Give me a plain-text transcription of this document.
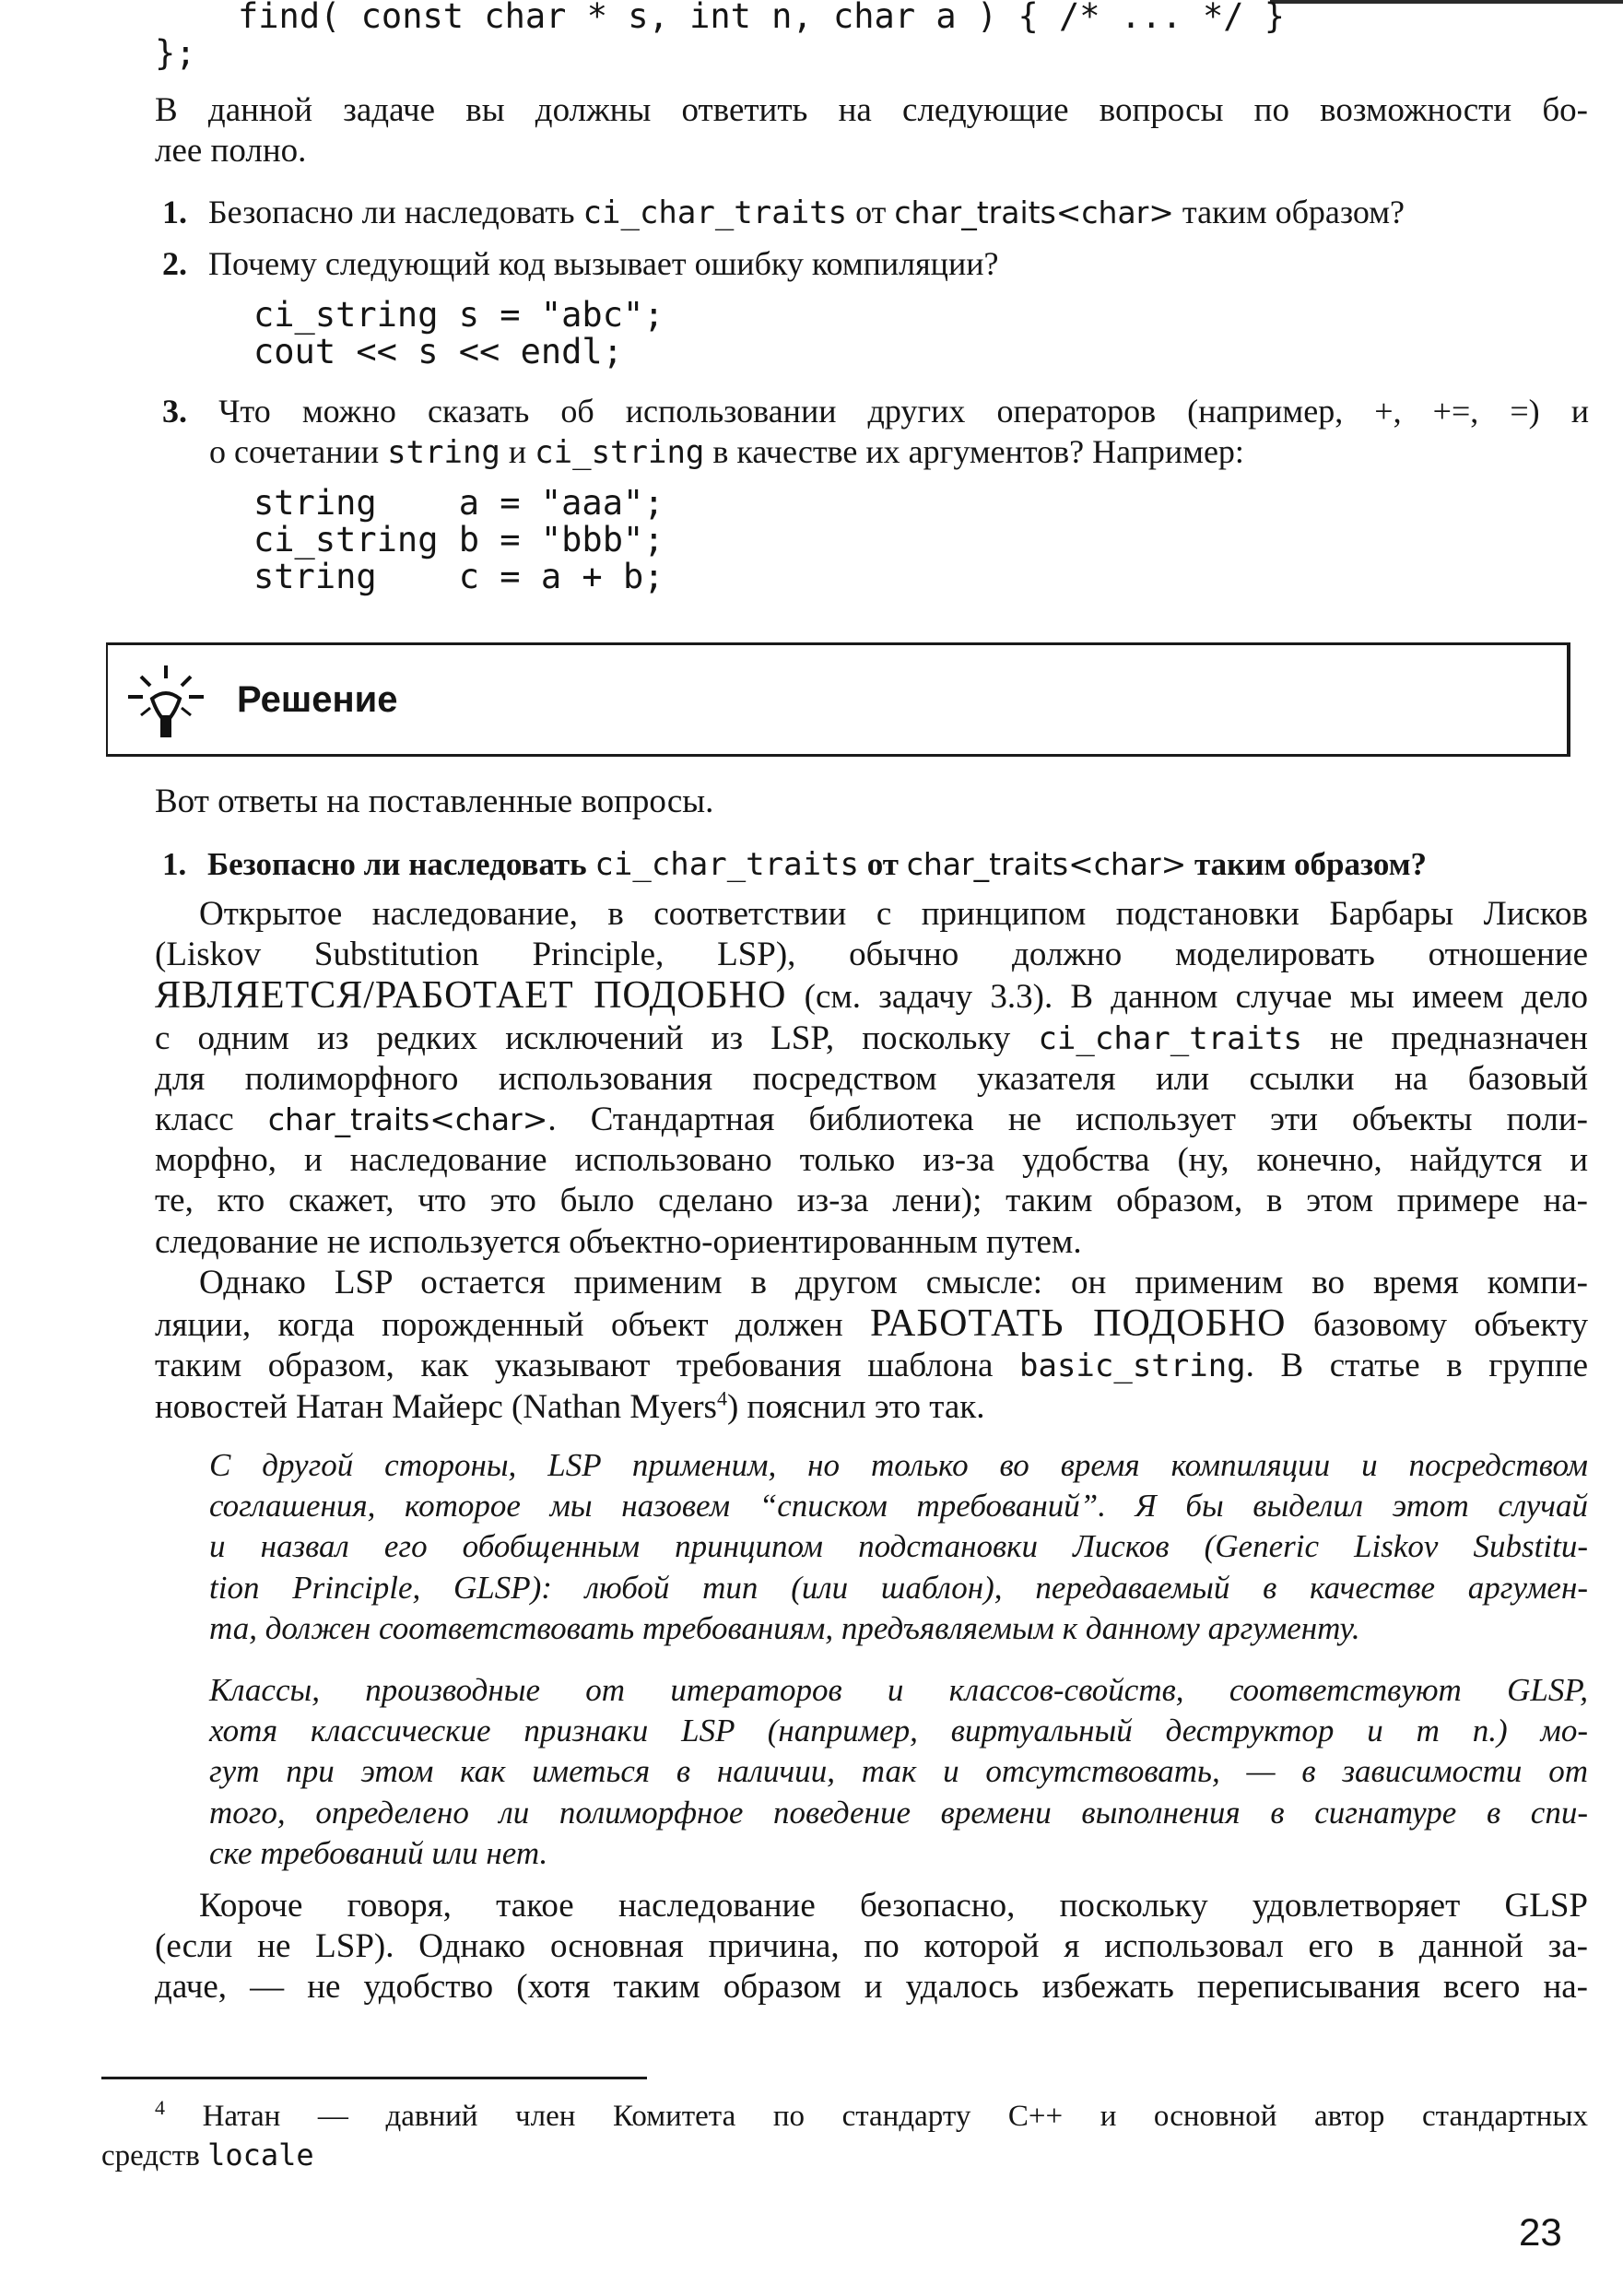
find( const char * s, int n, char a ) { /* ... */ }
};
В данной задаче вы должны ответить на следующие вопросы по возможности бо-
лее полно.
1. Безопасно ли наследовать ci_char_traits от char_traits<char> таким образом?
2. Почему следующий код вызывает ошибку компиляции?
ci_string s = "abc";
cout << s << endl;
3. Что можно сказать об использовании других операторов (например, +, +=, =) и
о сочетании string и ci_string в качестве их аргументов? Например:
string    a = "aaa";
ci_string b = "bbb";
string    c = a + b;
Решение
Вот ответы на поставленные вопросы.
1. Безопасно ли наследовать ci_char_traits от char_traits<char> таким образом?
Открытое наследование, в соответствии с принципом подстановки Барбары Лисков
(Liskov Substitution Principle, LSP), обычно должно моделировать отношение
ЯВЛЯЕТСЯ/РАБОТАЕТ ПОДОБНО (см. задачу 3.3). В данном случае мы имеем дело
с одним из редких исключений из LSP, поскольку ci_char_traits не предназначен
для полиморфного использования посредством указателя или ссылки на базовый
класс char_traits<char>. Стандартная библиотека не использует эти объекты поли-
морфно, и наследование использовано только из-за удобства (ну, конечно, найдутся и
те, кто скажет, что это было сделано из-за лени); таким образом, в этом примере на-
следование не используется объектно-ориентированным путем.
Однако LSP остается применим в другом смысле: он применим во время компи-
ляции, когда порожденный объект должен РАБОТАТЬ ПОДОБНО базовому объекту
таким образом, как указывают требования шаблона basic_string. В статье в группе
новостей Натан Майерс (Nathan Myers$^4$) пояснил это так.
С другой стороны, LSP применим, но только во время компиляции и посредством
соглашения, которое мы назовем “списком требований”. Я бы выделил этот случай
и назвал его обобщенным принципом подстановки Лисков (Generic Liskov Substitu-
tion Principle, GLSP): любой тип (или шаблон), передаваемый в качестве аргумен-
та, должен соответствовать требованиям, предъявляемым к данному аргументу.
Классы, производные от итераторов и классов-свойств, соответствуют GLSP,
хотя классические признаки LSP (например, виртуальный деструктор и т п.) мо-
гут при этом как иметься в наличии, так и отсутствовать, — в зависимости от
того, определено ли полиморфное поведение времени выполнения в сигнатуре в спи-
ске требований или нет.
Короче говоря, такое наследование безопасно, поскольку удовлетворяет GLSP
(если не LSP). Однако основная причина, по которой я использовал его в данной за-
даче, — не удобство (хотя таким образом и удалось избежать переписывания всего на-
$^4$ Натан — давний член Комитета по стандарту C++ и основной автор стандартных
средств locale
23
